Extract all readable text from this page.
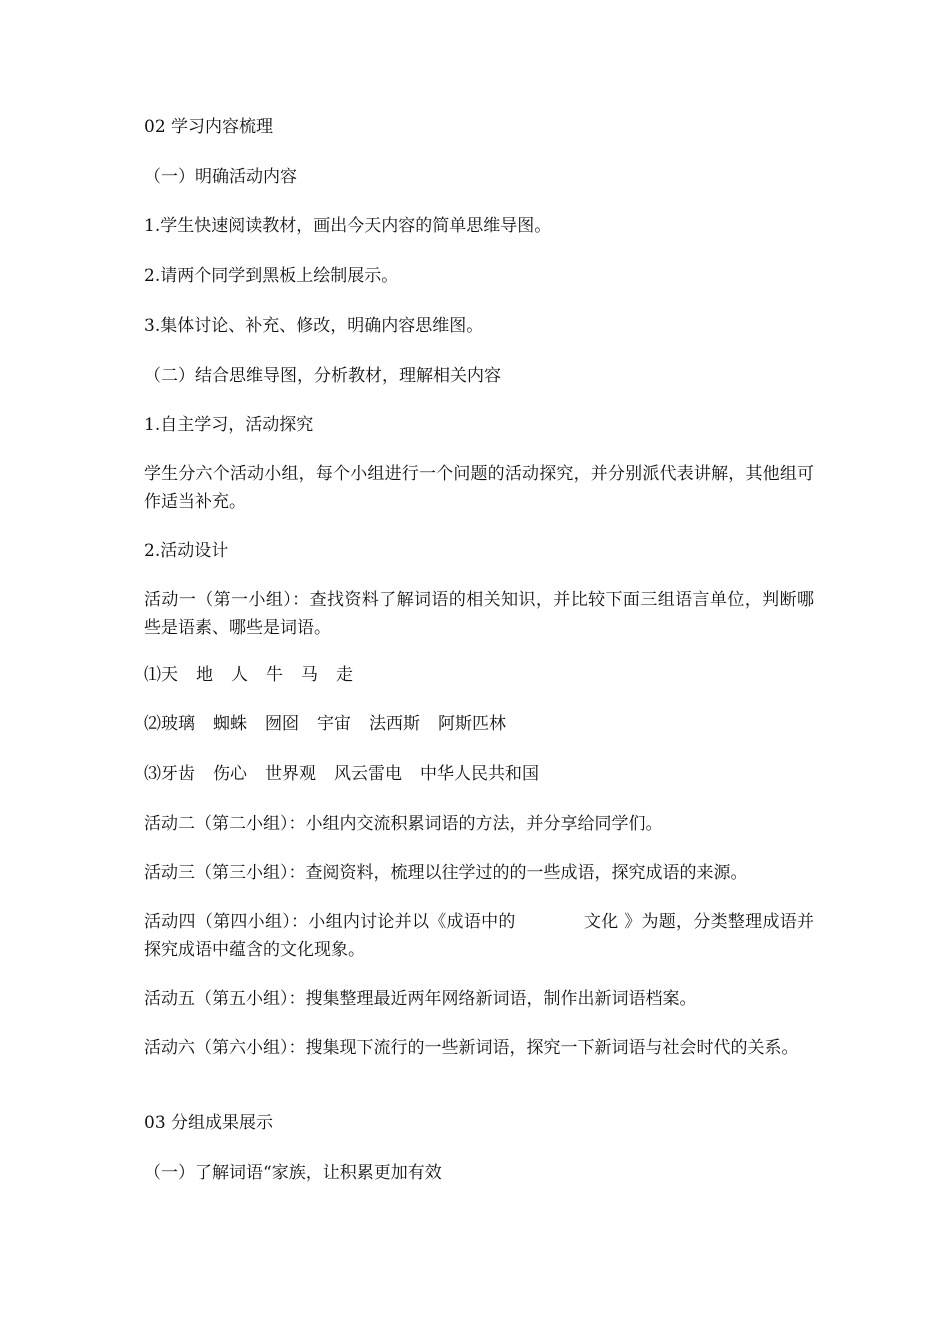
02 学习内容梳理

（一）明确活动内容

1.学生快速阅读教材，画出今天内容的简单思维导图。

2.请两个同学到黑板上绘制展示。

3.集体讨论、补充、修改，明确内容思维图。

（二）结合思维导图，分析教材，理解相关内容

1.自主学习，活动探究

学生分六个活动小组，每个小组进行一个问题的活动探究，并分别派代表讲解，其他组可作适当补充。

2.活动设计

活动一（第一小组）：查找资料了解词语的相关知识，并比较下面三组语言单位，判断哪些是语素、哪些是词语。

⑴天 地 人 牛 马 走

⑵玻璃 蜘蛛 囫囵 宇宙 法西斯 阿斯匹林

⑶牙齿 伤心 世界观 风云雷电 中华人民共和国

活动二（第二小组）：小组内交流积累词语的方法，并分享给同学们。

活动三（第三小组）：查阅资料，梳理以往学过的的一些成语，探究成语的来源。

活动四（第四小组）：小组内讨论并以《成语中的	文化 》为题，分类整理成语并探究成语中蕴含的文化现象。

活动五（第五小组）：搜集整理最近两年网络新词语，制作出新词语档案。

活动六（第六小组）：搜集现下流行的一些新词语，探究一下新词语与社会时代的关系。

03 分组成果展示

（一）了解词语“家族，让积累更加有效
